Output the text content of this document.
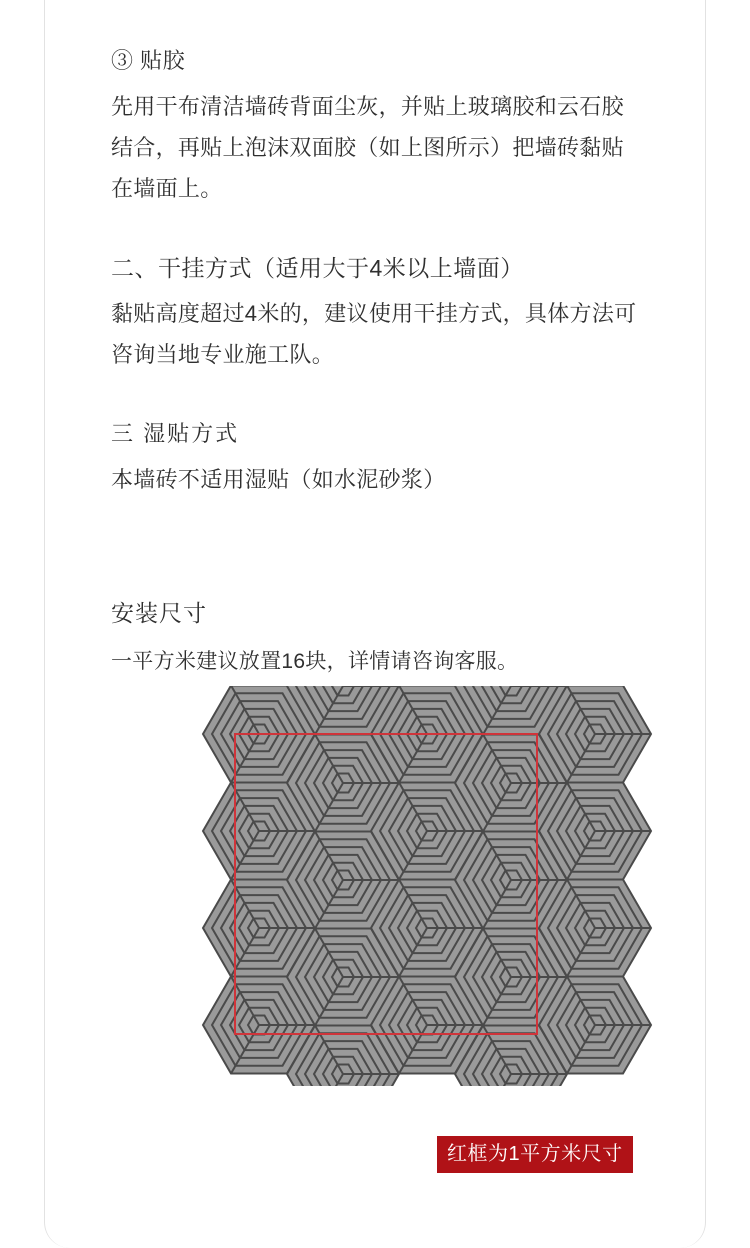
③ 贴胶
先用干布清洁墙砖背面尘灰，并贴上玻璃胶和云石胶结合，再贴上泡沫双面胶（如上图所示）把墙砖黏贴在墙面上。
二、干挂方式（适用大于4米以上墙面）
黏贴高度超过4米的，建议使用干挂方式，具体方法可咨询当地专业施工队。
三 湿贴方式
本墙砖不适用湿贴（如水泥砂浆）
安装尺寸
一平方米建议放置16块，详情请咨询客服。
红框为1平方米尺寸
